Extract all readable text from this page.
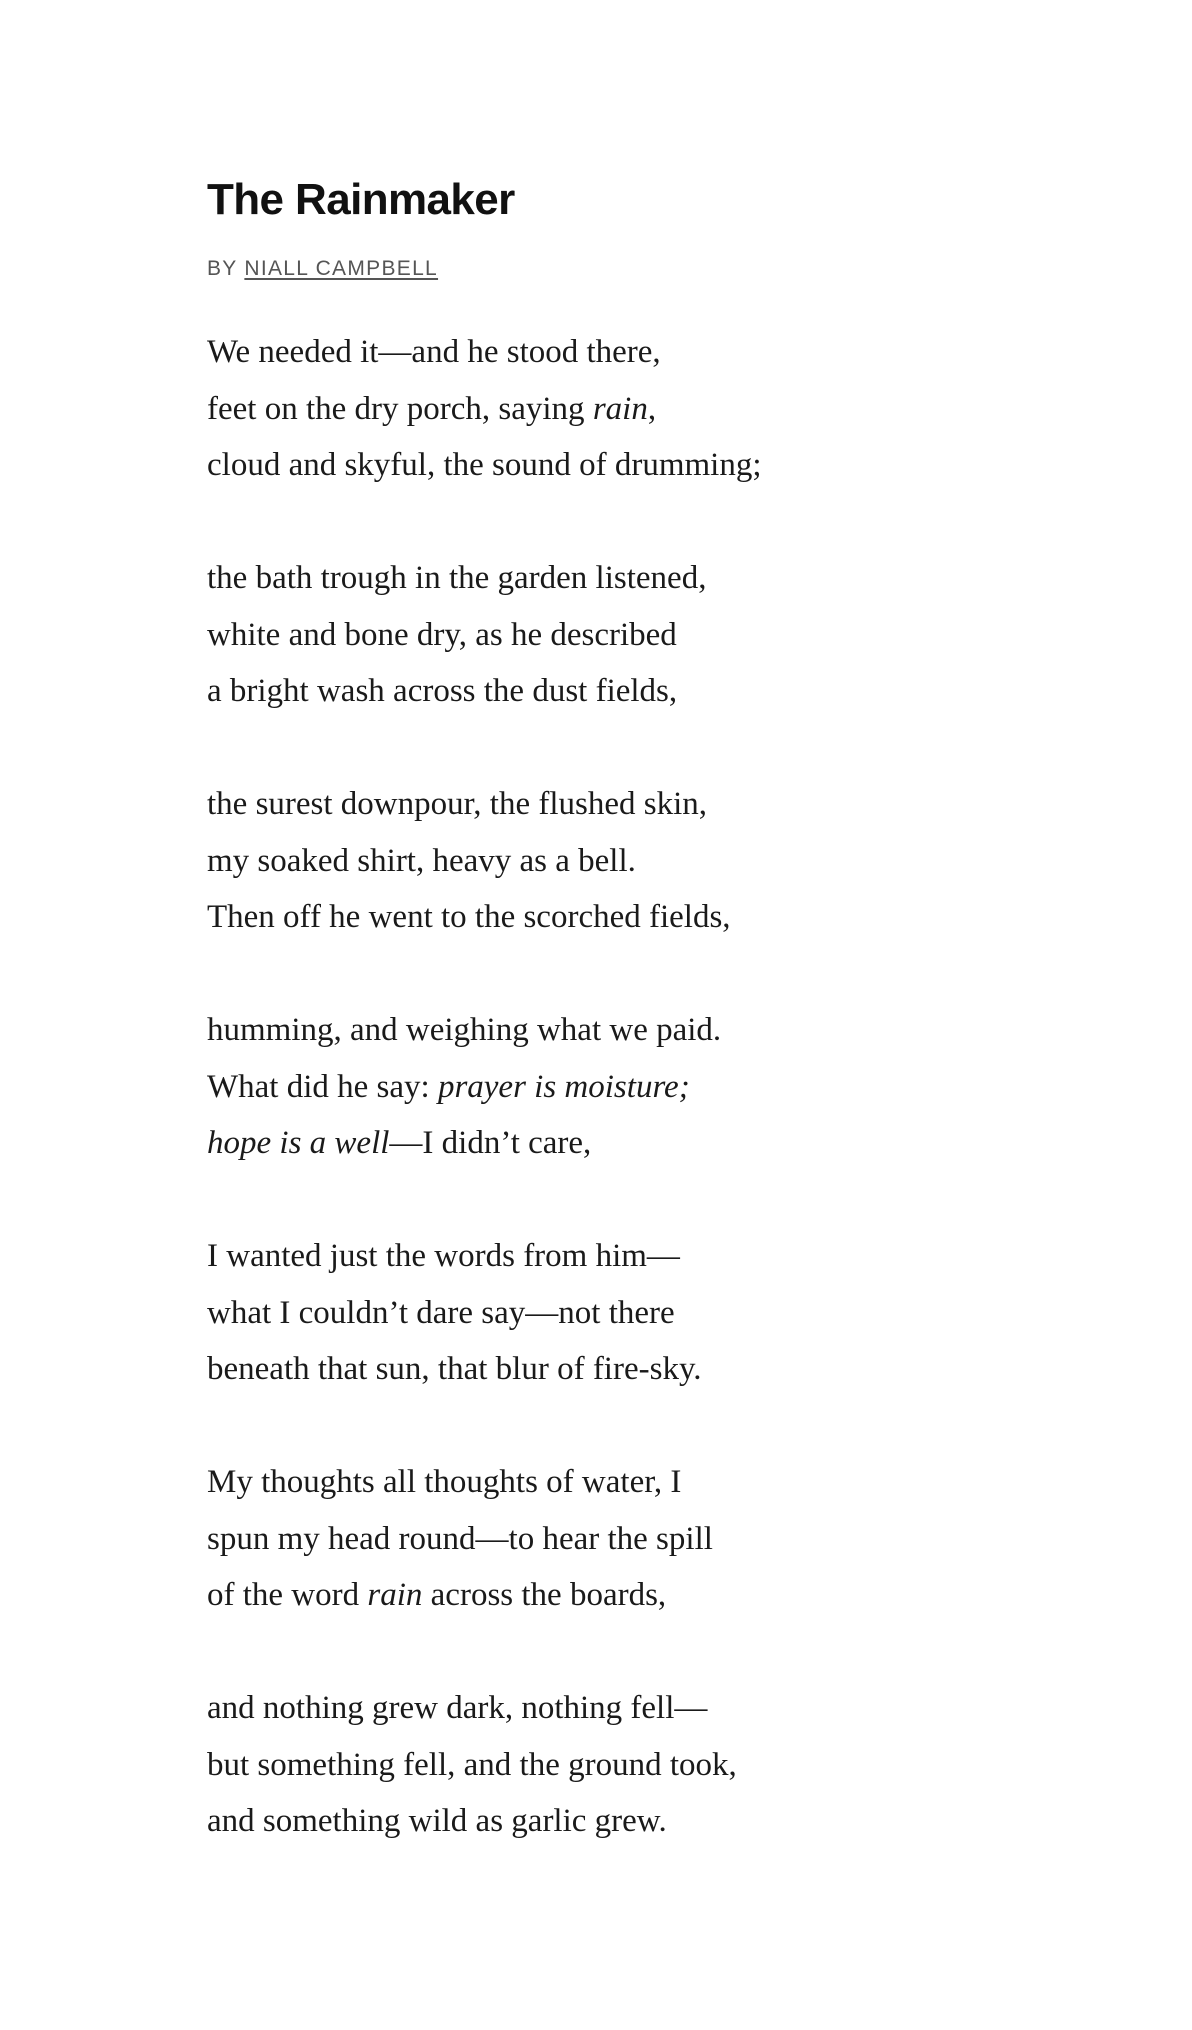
The Rainmaker
BY NIALL CAMPBELL
We needed it—and he stood there,
feet on the dry porch, saying rain,
cloud and skyful, the sound of drumming;
the bath trough in the garden listened,
white and bone dry, as he described
a bright wash across the dust fields,
the surest downpour, the flushed skin,
my soaked shirt, heavy as a bell.
Then off he went to the scorched fields,
humming, and weighing what we paid.
What did he say: prayer is moisture;
hope is a well—I didn’t care,
I wanted just the words from him—
what I couldn’t dare say—not there
beneath that sun, that blur of fire-sky.
My thoughts all thoughts of water, I
spun my head round—to hear the spill
of the word rain across the boards,
and nothing grew dark, nothing fell—
but something fell, and the ground took,
and something wild as garlic grew.
